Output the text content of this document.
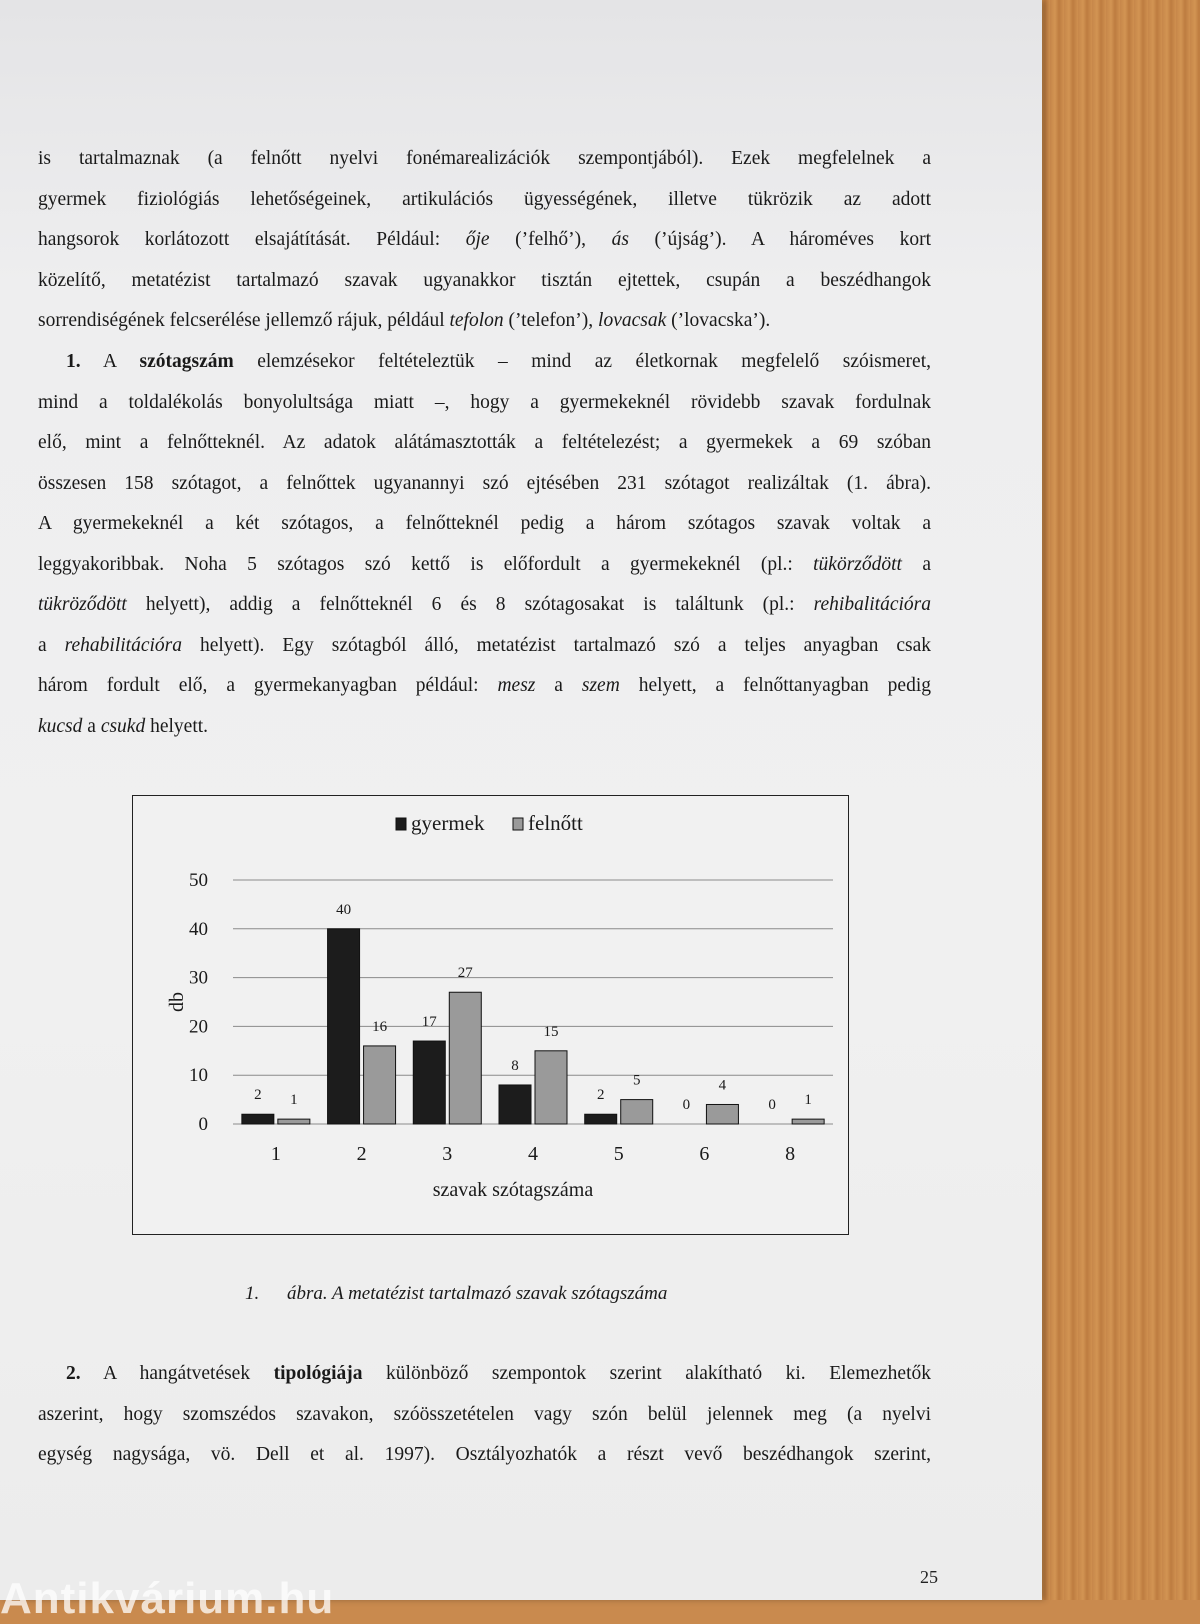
is tartalmaznak (a felnőtt nyelvi fonémarealizációk szempontjából). Ezek megfelelnek a
gyermek fiziológiás lehetőségeinek, artikulációs ügyességének, illetve tükrözik az adott
hangsorok korlátozott elsajátítását. Például: ője (’felhő’), ás (’újság’). A hároméves kort
közelítő, metatézist tartalmazó szavak ugyanakkor tisztán ejtettek, csupán a beszédhangok
sorrendiségének felcserélése jellemző rájuk, például tefolon (’telefon’), lovacsak (’lovacska’).
1. A szótagszám elemzésekor feltételeztük – mind az életkornak megfelelő szóismeret,
mind a toldalékolás bonyolultsága miatt –, hogy a gyermekeknél rövidebb szavak fordulnak
elő, mint a felnőtteknél. Az adatok alátámasztották a feltételezést; a gyermekek a 69 szóban
összesen 158 szótagot, a felnőttek ugyanannyi szó ejtésében 231 szótagot realizáltak (1. ábra).
A gyermekeknél a két szótagos, a felnőtteknél pedig a három szótagos szavak voltak a
leggyakoribbak. Noha 5 szótagos szó kettő is előfordult a gyermekeknél (pl.: tükörződött a
tükröződött helyett), addig a felnőtteknél 6 és 8 szótagosakat is találtunk (pl.: rehibalitációra
a rehabilitációra helyett). Egy szótagból álló, metatézist tartalmazó szó a teljes anyagban csak
három fordult elő, a gyermekanyagban például: mesz a szem helyett, a felnőttanyagban pedig
kucsd a csukd helyett.
0
10
20
30
40
50
db
2 1
1
40
16
2
17
27
3
8
15
4
2
5
5
0
4
6
0 1
8
szavak szótagszáma
gyermek felnőtt
1. ábra. A metatézist tartalmazó szavak szótagszáma
2. A hangátvetések tipológiája különböző szempontok szerint alakítható ki. Elemezhetők
aszerint, hogy szomszédos szavakon, szóösszetételen vagy szón belül jelennek meg (a nyelvi
egység nagysága, vö. Dell et al. 1997). Osztályozhatók a részt vevő beszédhangok szerint,
25
Antikvárium.hu
